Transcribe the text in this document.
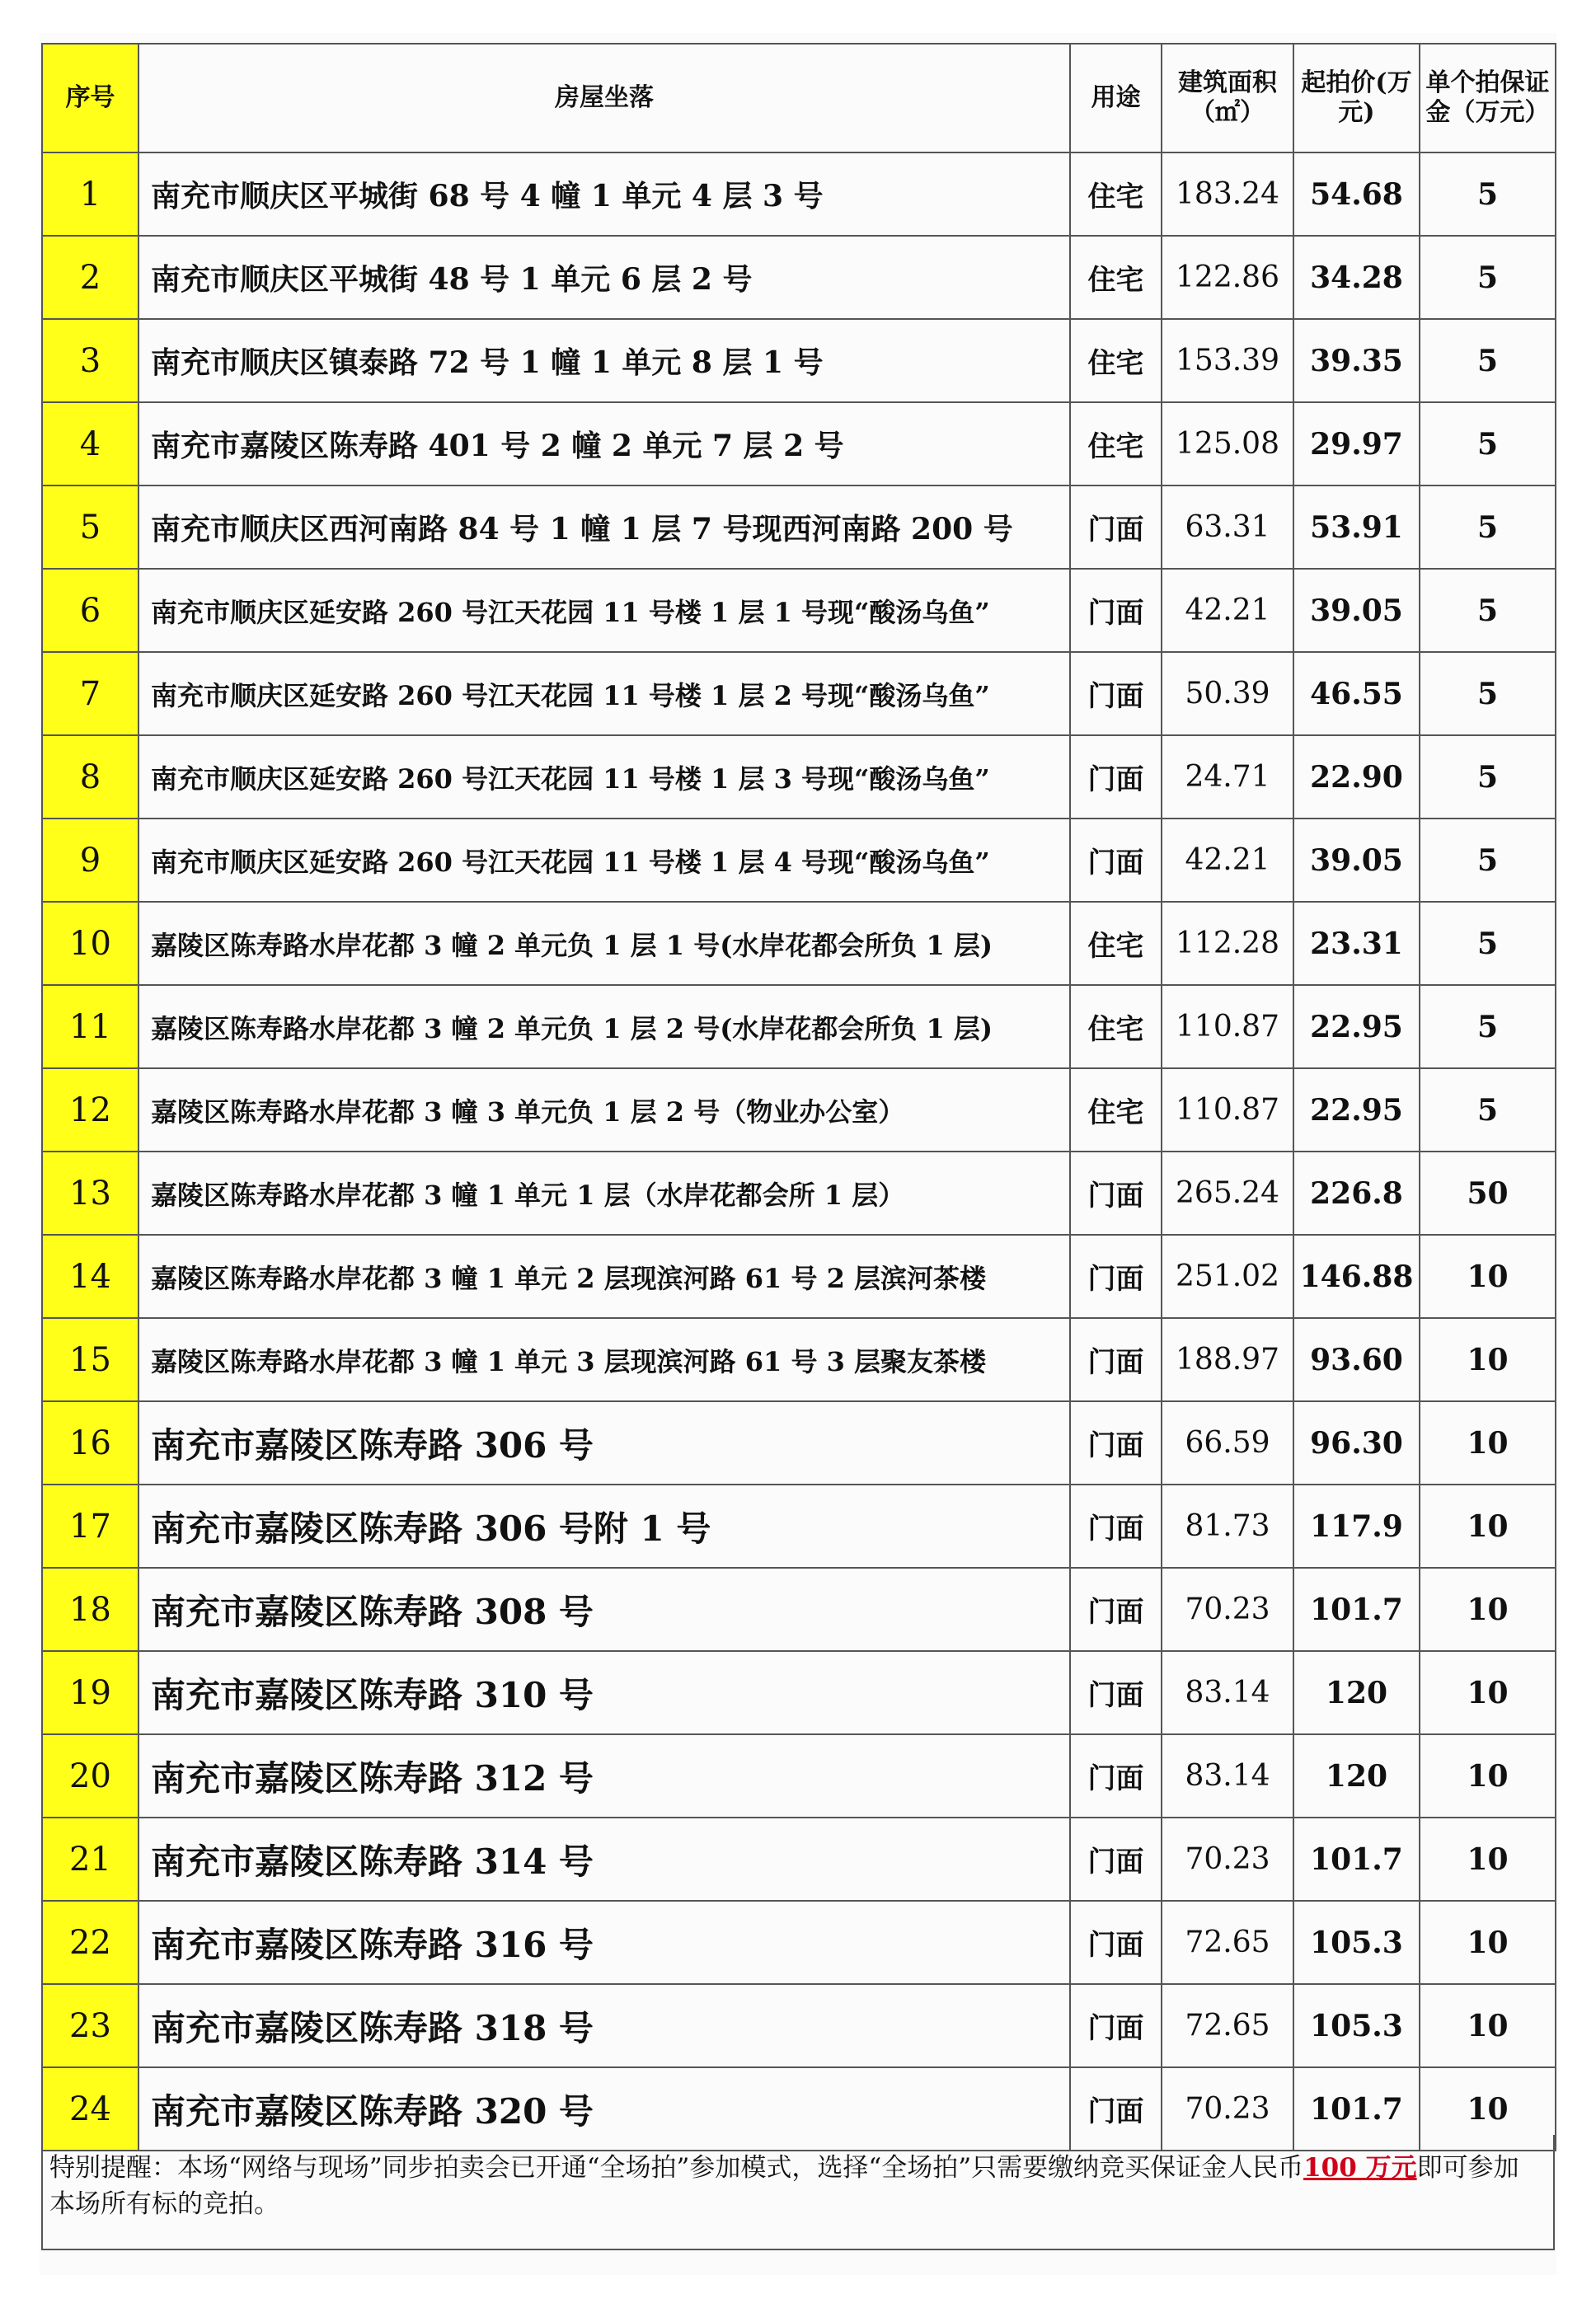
序号	房屋坐落	用途	建筑面积（㎡）	起拍价(万元)	单个拍保证金（万元）
1	南充市顺庆区平城街 68 号 4 幢 1 单元 4 层 3 号	住宅	183.24	54.68	5
2	南充市顺庆区平城街 48 号 1 单元 6 层 2 号	住宅	122.86	34.28	5
3	南充市顺庆区镇泰路 72 号 1 幢 1 单元 8 层 1 号	住宅	153.39	39.35	5
4	南充市嘉陵区陈寿路 401 号 2 幢 2 单元 7 层 2 号	住宅	125.08	29.97	5
5	南充市顺庆区西河南路 84 号 1 幢 1 层 7 号现西河南路 200 号	门面	63.31	53.91	5
6	南充市顺庆区延安路 260 号江天花园 11 号楼 1 层 1 号现“酸汤乌鱼”	门面	42.21	39.05	5
7	南充市顺庆区延安路 260 号江天花园 11 号楼 1 层 2 号现“酸汤乌鱼”	门面	50.39	46.55	5
8	南充市顺庆区延安路 260 号江天花园 11 号楼 1 层 3 号现“酸汤乌鱼”	门面	24.71	22.90	5
9	南充市顺庆区延安路 260 号江天花园 11 号楼 1 层 4 号现“酸汤乌鱼”	门面	42.21	39.05	5
10	嘉陵区陈寿路水岸花都 3 幢 2 单元负 1 层 1 号(水岸花都会所负 1 层)	住宅	112.28	23.31	5
11	嘉陵区陈寿路水岸花都 3 幢 2 单元负 1 层 2 号(水岸花都会所负 1 层)	住宅	110.87	22.95	5
12	嘉陵区陈寿路水岸花都 3 幢 3 单元负 1 层 2 号（物业办公室）	住宅	110.87	22.95	5
13	嘉陵区陈寿路水岸花都 3 幢 1 单元 1 层（水岸花都会所 1 层）	门面	265.24	226.8	50
14	嘉陵区陈寿路水岸花都 3 幢 1 单元 2 层现滨河路 61 号 2 层滨河茶楼	门面	251.02	146.88	10
15	嘉陵区陈寿路水岸花都 3 幢 1 单元 3 层现滨河路 61 号 3 层聚友茶楼	门面	188.97	93.60	10
16	南充市嘉陵区陈寿路 306 号	门面	66.59	96.30	10
17	南充市嘉陵区陈寿路 306 号附 1 号	门面	81.73	117.9	10
18	南充市嘉陵区陈寿路 308 号	门面	70.23	101.7	10
19	南充市嘉陵区陈寿路 310 号	门面	83.14	120	10
20	南充市嘉陵区陈寿路 312 号	门面	83.14	120	10
21	南充市嘉陵区陈寿路 314 号	门面	70.23	101.7	10
22	南充市嘉陵区陈寿路 316 号	门面	72.65	105.3	10
23	南充市嘉陵区陈寿路 318 号	门面	72.65	105.3	10
24	南充市嘉陵区陈寿路 320 号	门面	70.23	101.7	10
特别提醒：本场“网络与现场”同步拍卖会已开通“全场拍”参加模式，选择“全场拍”只需要缴纳竞买保证金人民币100 万元即可参加本场所有标的竞拍。
